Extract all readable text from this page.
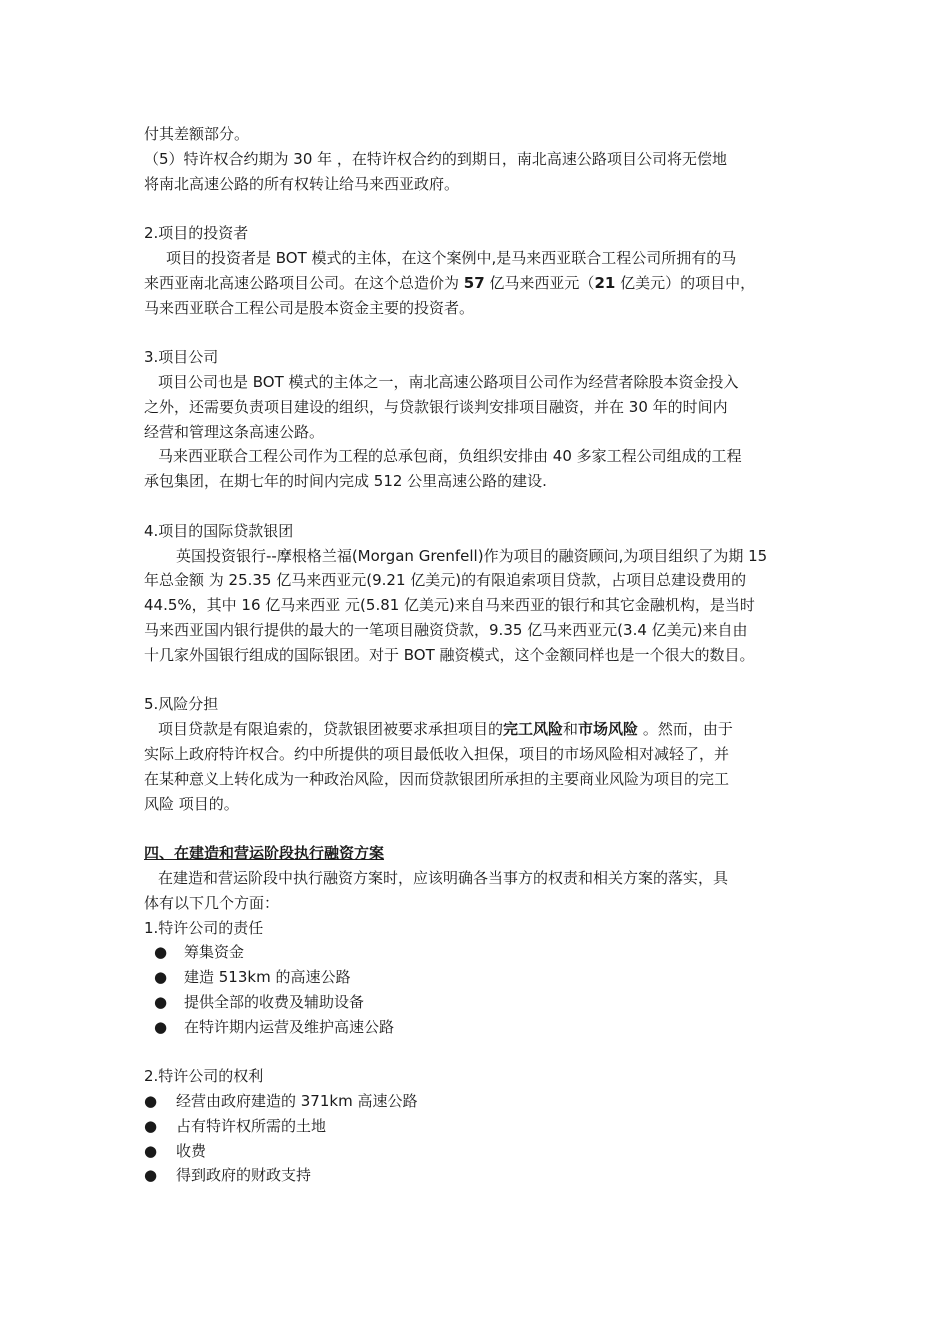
付其差额部分。

（5）特许权合约期为 30 年 ，在特许权合约的到期日，南北高速公路项目公司将无偿地

将南北高速公路的所有权转让给马来西亚政府。

2.项目的投资者

项目的投资者是 BOT 模式的主体，在这个案例中,是马来西亚联合工程公司所拥有的马

来西亚南北高速公路项目公司。在这个总造价为 57 亿马来西亚元（21 亿美元）的项目中，

马来西亚联合工程公司是股本资金主要的投资者。

3.项目公司

项目公司也是 BOT 模式的主体之一，南北高速公路项目公司作为经营者除股本资金投入

之外，还需要负责项目建设的组织，与贷款银行谈判安排项目融资，并在 30 年的时间内

经营和管理这条高速公路。

马来西亚联合工程公司作为工程的总承包商，负组织安排由 40 多家工程公司组成的工程

承包集团，在期七年的时间内完成 512 公里高速公路的建设.

4.项目的国际贷款银团

英国投资银行--摩根格兰福(Morgan Grenfell)作为项目的融资顾问,为项目组织了为期 15

年总金额 为 25.35 亿马来西亚元(9.21 亿美元)的有限追索项目贷款，占项目总建设费用的

44.5%，其中 16 亿马来西亚 元(5.81 亿美元)来自马来西亚的银行和其它金融机构，是当时

马来西亚国内银行提供的最大的一笔项目融资贷款，9.35 亿马来西亚元(3.4 亿美元)来自由

十几家外国银行组成的国际银团。对于 BOT 融资模式，这个金额同样也是一个很大的数目。

5.风险分担

项目贷款是有限追索的，贷款银团被要求承担项目的完工风险和市场风险 。然而，由于

实际上政府特许权合。约中所提供的项目最低收入担保，项目的市场风险相对减轻了，并

在某种意义上转化成为一种政治风险，因而贷款银团所承担的主要商业风险为项目的完工

风险 项目的。

四、在建造和营运阶段执行融资方案

在建造和营运阶段中执行融资方案时，应该明确各当事方的权责和相关方案的落实，具

体有以下几个方面：

1.特许公司的责任

●	筹集资金
●	建造 513km 的高速公路
●	提供全部的收费及辅助设备
●	在特许期内运营及维护高速公路

2.特许公司的权利

●	经营由政府建造的 371km 高速公路
●	占有特许权所需的土地
●	收费
●	得到政府的财政支持
